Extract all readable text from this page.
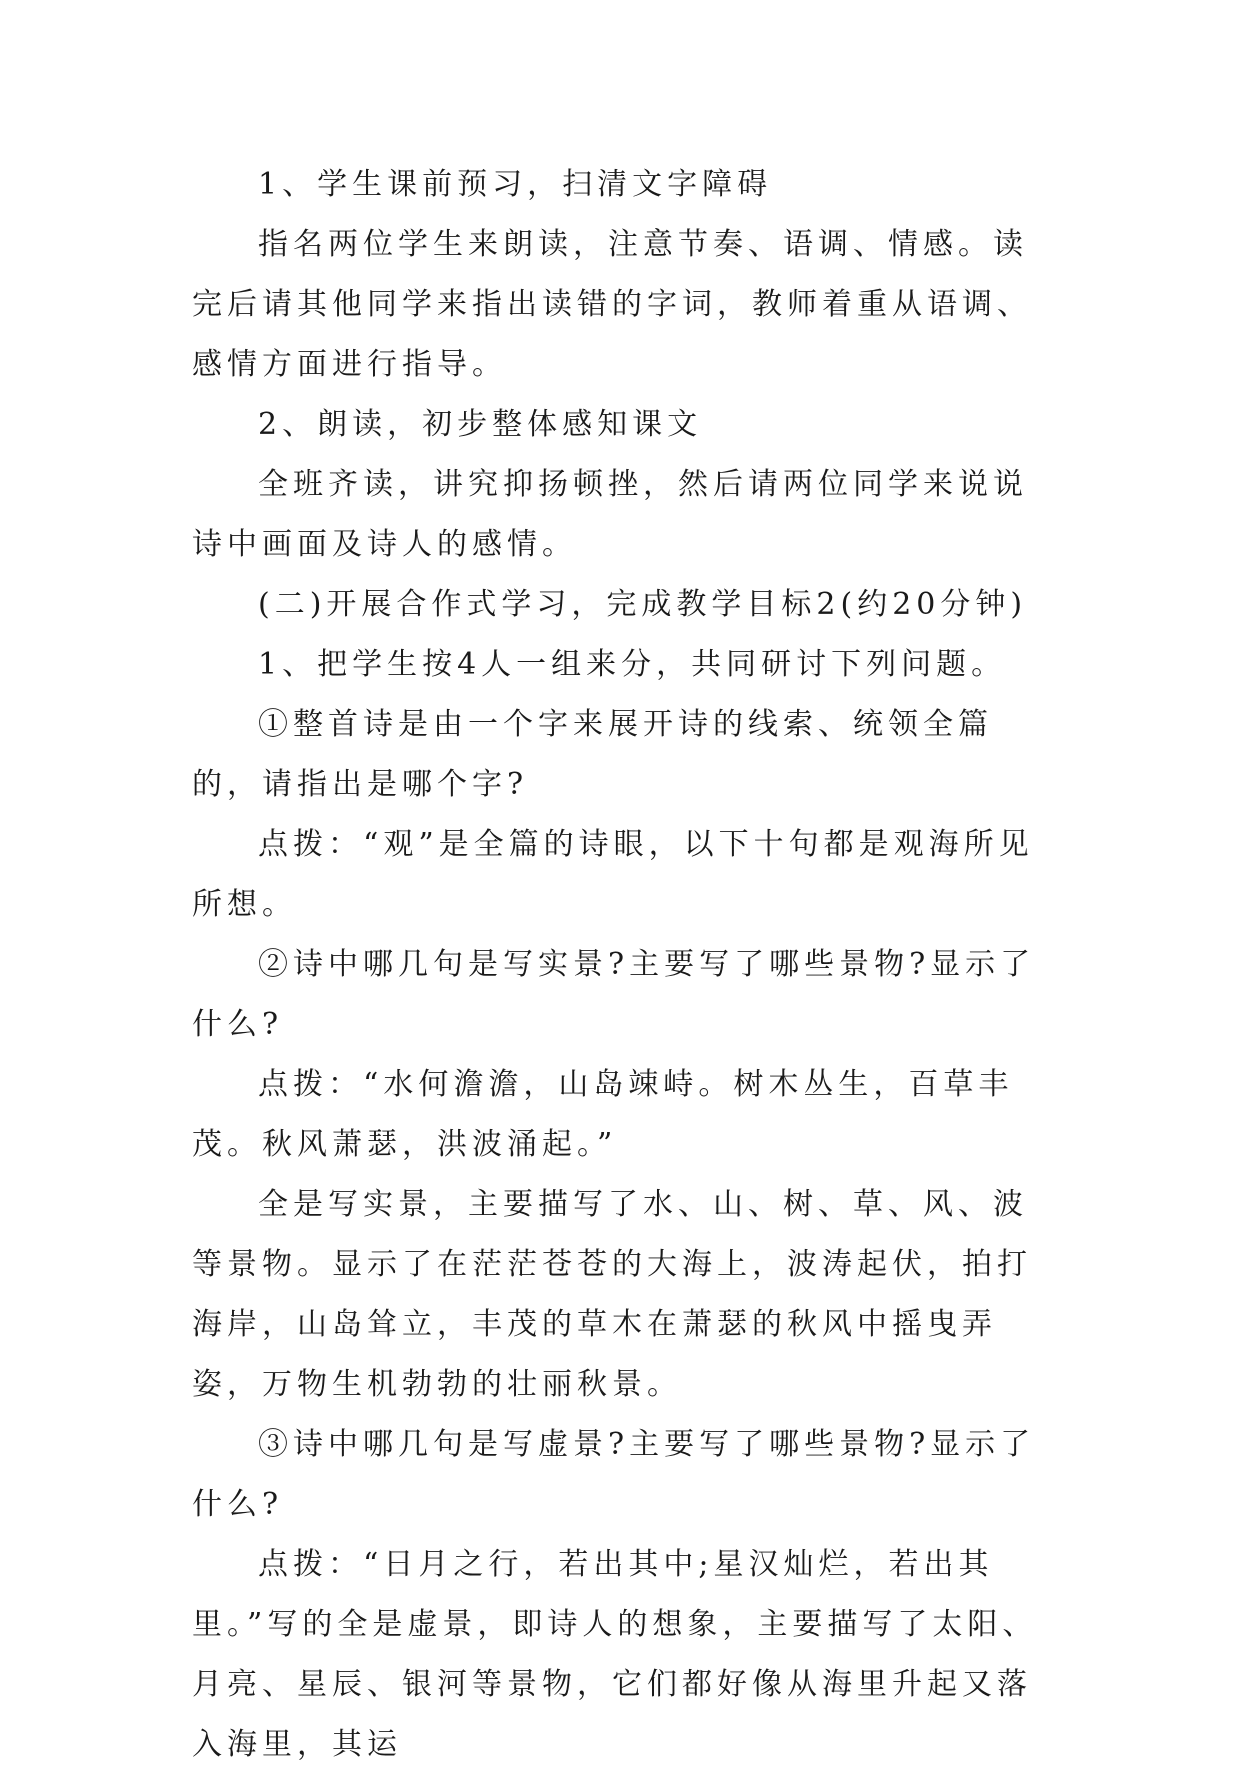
1、学生课前预习，扫清文字障碍

指名两位学生来朗读，注意节奏、语调、情感。读完后请其他同学来指出读错的字词，教师着重从语调、感情方面进行指导。

2、朗读，初步整体感知课文

全班齐读，讲究抑扬顿挫，然后请两位同学来说说诗中画面及诗人的感情。

(二)开展合作式学习，完成教学目标2(约20分钟)

1、把学生按4人一组来分，共同研讨下列问题。

①整首诗是由一个字来展开诗的线索、统领全篇的，请指出是哪个字?

点拨：“观”是全篇的诗眼，以下十句都是观海所见所想。

②诗中哪几句是写实景?主要写了哪些景物?显示了什么?

点拨：“水何澹澹，山岛竦峙。树木丛生，百草丰茂。秋风萧瑟，洪波涌起。”

全是写实景，主要描写了水、山、树、草、风、波等景物。显示了在茫茫苍苍的大海上，波涛起伏，拍打海岸，山岛耸立，丰茂的草木在萧瑟的秋风中摇曳弄姿，万物生机勃勃的壮丽秋景。

③诗中哪几句是写虚景?主要写了哪些景物?显示了什么?

点拨：“日月之行，若出其中;星汉灿烂，若出其里。”写的全是虚景，即诗人的想象，主要描写了太阳、月亮、星辰、银河等景物，它们都好像从海里升起又落入海里，其运
